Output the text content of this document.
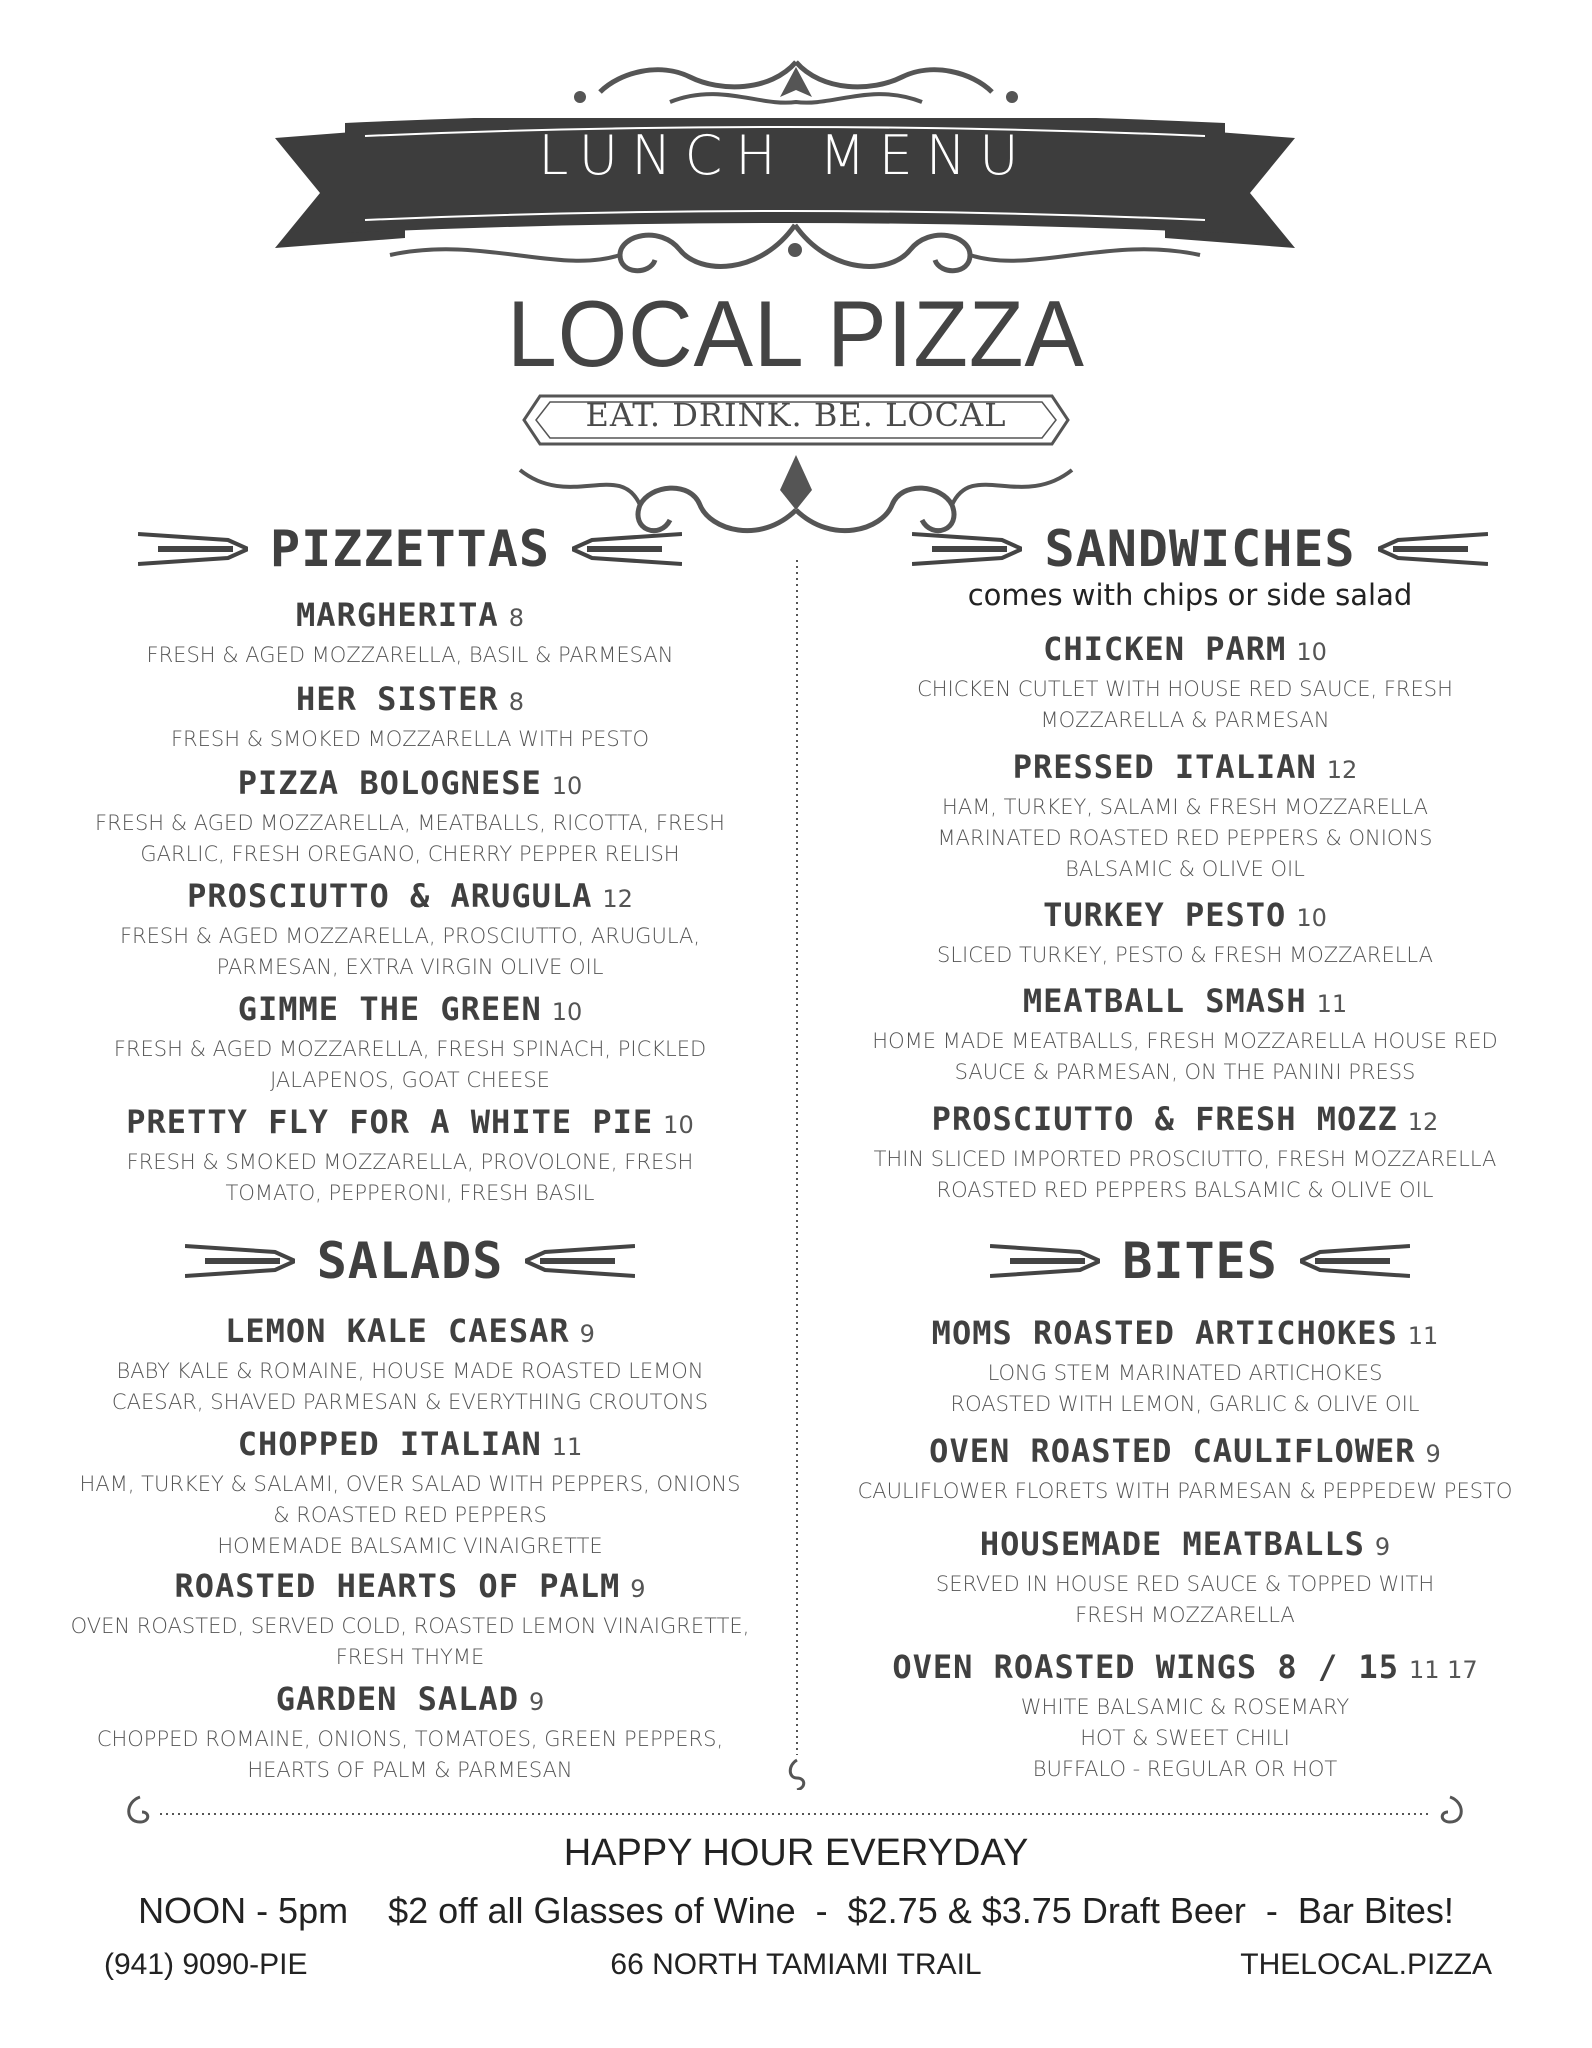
LUNCH MENU
LOCAL PIZZA
EAT. DRINK. BE. LOCAL
PIZZETTAS	SANDWICHES
comes with chips or side salad
SALADS	BITES
MARGHERITA 8
FRESH & AGED MOZZARELLA, BASIL & PARMESAN
HER SISTER 8
FRESH & SMOKED MOZZARELLA WITH PESTO
PIZZA BOLOGNESE 10
FRESH & AGED MOZZARELLA, MEATBALLS, RICOTTA, FRESH
GARLIC, FRESH OREGANO, CHERRY PEPPER RELISH
PROSCIUTTO & ARUGULA 12
FRESH & AGED MOZZARELLA, PROSCIUTTO, ARUGULA,
PARMESAN, EXTRA VIRGIN OLIVE OIL
GIMME THE GREEN 10
FRESH & AGED MOZZARELLA, FRESH SPINACH, PICKLED
JALAPENOS, GOAT CHEESE
PRETTY FLY FOR A WHITE PIE 10
FRESH & SMOKED MOZZARELLA, PROVOLONE, FRESH
TOMATO, PEPPERONI, FRESH BASIL
LEMON KALE CAESAR 9
BABY KALE & ROMAINE, HOUSE MADE ROASTED LEMON
CAESAR, SHAVED PARMESAN & EVERYTHING CROUTONS
CHOPPED ITALIAN 11
HAM, TURKEY & SALAMI, OVER SALAD WITH PEPPERS, ONIONS
& ROASTED RED PEPPERS
HOMEMADE BALSAMIC VINAIGRETTE
ROASTED HEARTS OF PALM 9
OVEN ROASTED, SERVED COLD, ROASTED LEMON VINAIGRETTE,
FRESH THYME
GARDEN SALAD 9
CHOPPED ROMAINE, ONIONS, TOMATOES, GREEN PEPPERS,
HEARTS OF PALM & PARMESAN
CHICKEN PARM 10
CHICKEN CUTLET WITH HOUSE RED SAUCE, FRESH
MOZZARELLA & PARMESAN
PRESSED ITALIAN 12
HAM, TURKEY, SALAMI & FRESH MOZZARELLA
MARINATED ROASTED RED PEPPERS & ONIONS
BALSAMIC & OLIVE OIL
TURKEY PESTO 10
SLICED TURKEY, PESTO & FRESH MOZZARELLA
MEATBALL SMASH 11
HOME MADE MEATBALLS, FRESH MOZZARELLA HOUSE RED
SAUCE & PARMESAN, ON THE PANINI PRESS
PROSCIUTTO & FRESH MOZZ 12
THIN SLICED IMPORTED PROSCIUTTO, FRESH MOZZARELLA
ROASTED RED PEPPERS BALSAMIC & OLIVE OIL
MOMS ROASTED ARTICHOKES 11
LONG STEM MARINATED ARTICHOKES
ROASTED WITH LEMON, GARLIC & OLIVE OIL
OVEN ROASTED CAULIFLOWER 9
CAULIFLOWER FLORETS WITH PARMESAN & PEPPEDEW PESTO
HOUSEMADE MEATBALLS 9
SERVED IN HOUSE RED SAUCE & TOPPED WITH
FRESH MOZZARELLA
OVEN ROASTED WINGS 8 / 15 11 17
WHITE BALSAMIC & ROSEMARY
HOT & SWEET CHILI
BUFFALO - REGULAR OR HOT
HAPPY HOUR EVERYDAY
NOON - 5pm    $2 off all Glasses of Wine  -  $2.75 & $3.75 Draft Beer  -  Bar Bites!
(941) 9090-PIE	66 NORTH TAMIAMI TRAIL	THELOCAL.PIZZA
